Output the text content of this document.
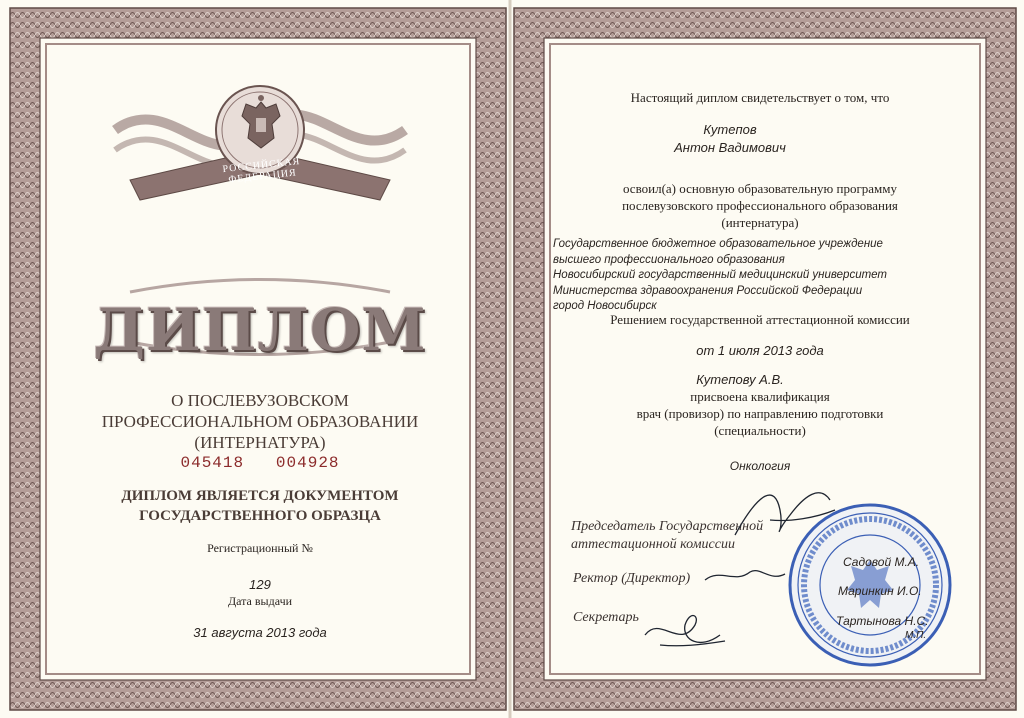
РОССИЙСКАЯ ФЕДЕРАЦИЯ
ДИПЛОМ
О ПОСЛЕВУЗОВСКОМ
ПРОФЕССИОНАЛЬНОМ ОБРАЗОВАНИИ
(ИНТЕРНАТУРА)
045418 004928
ДИПЛОМ ЯВЛЯЕТСЯ ДОКУМЕНТОМ
ГОСУДАРСТВЕННОГО ОБРАЗЦА
Регистрационный №
129
Дата выдачи
31 августа 2013 года
Настоящий диплом свидетельствует о том, что
Кутепов
Антон Вадимович
освоил(а) основную образовательную программу
послевузовского профессионального образования
(интернатура)
Государственное бюджетное образовательное учреждение
высшего профессионального образования
Новосибирский государственный медицинский университет
Министерства здравоохранения Российской Федерации
город Новосибирск
Решением государственной аттестационной комиссии
от 1 июля 2013 года
Кутепову А.В.
присвоена квалификация
врач (провизор) по направлению подготовки
(специальности)
Онкология
Председатель Государственной
аттестационной комиссии
Ректор (Директор)
Секретарь
Садовой М.А.
Маринкин И.О.
Тартынова Н.С.
М.П.
